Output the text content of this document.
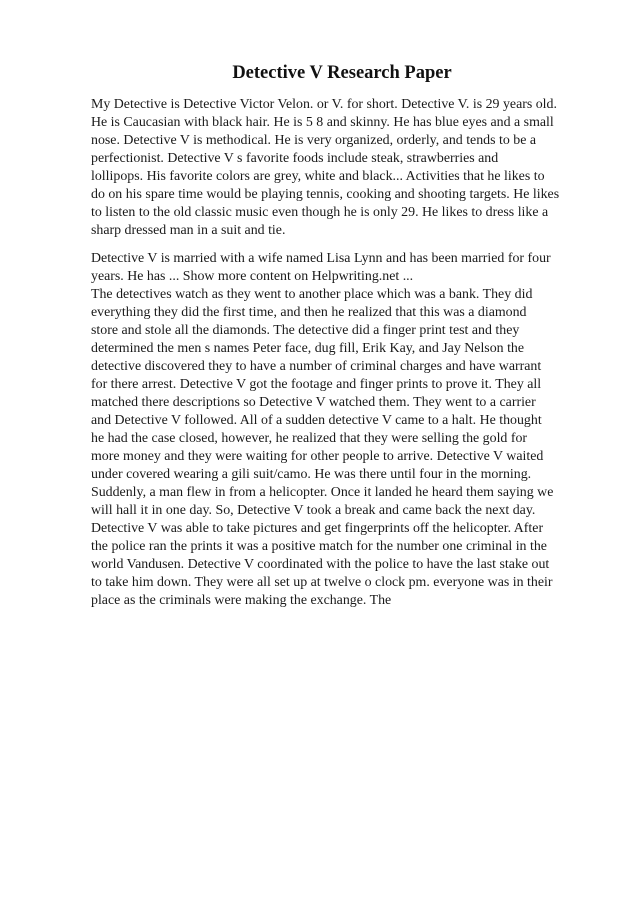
Detective V Research Paper

My Detective is Detective Victor Velon. or V. for short. Detective V. is 29 years old.

He is Caucasian with black hair. He is 5 8 and skinny. He has blue eyes and a small

nose. Detective V is methodical. He is very organized, orderly, and tends to be a

perfectionist. Detective V s favorite foods include steak, strawberries and

lollipops. His favorite colors are grey, white and black... Activities that he likes to

do on his spare time would be playing tennis, cooking and shooting targets. He likes

to listen to the old classic music even though he is only 29. He likes to dress like a

sharp dressed man in a suit and tie.

Detective V is married with a wife named Lisa Lynn and has been married for four

years. He has ... Show more content on Helpwriting.net ...

The detectives watch as they went to another place which was a bank. They did

everything they did the first time, and then he realized that this was a diamond

store and stole all the diamonds. The detective did a finger print test and they

determined the men s names Peter face, dug fill, Erik Kay, and Jay Nelson the

detective discovered they to have a number of criminal charges and have warrant

for there arrest. Detective V got the footage and finger prints to prove it. They all

matched there descriptions so Detective V watched them. They went to a carrier

and Detective V followed. All of a sudden detective V came to a halt. He thought

he had the case closed, however, he realized that they were selling the gold for

more money and they were waiting for other people to arrive. Detective V waited

under covered wearing a gili suit/camo. He was there until four in the morning.

Suddenly, a man flew in from a helicopter. Once it landed he heard them saying we

will hall it in one day. So, Detective V took a break and came back the next day.

Detective V was able to take pictures and get fingerprints off the helicopter. After

the police ran the prints it was a positive match for the number one criminal in the

world Vandusen. Detective V coordinated with the police to have the last stake out

to take him down. They were all set up at twelve o clock pm. everyone was in their

place as the criminals were making the exchange. The
